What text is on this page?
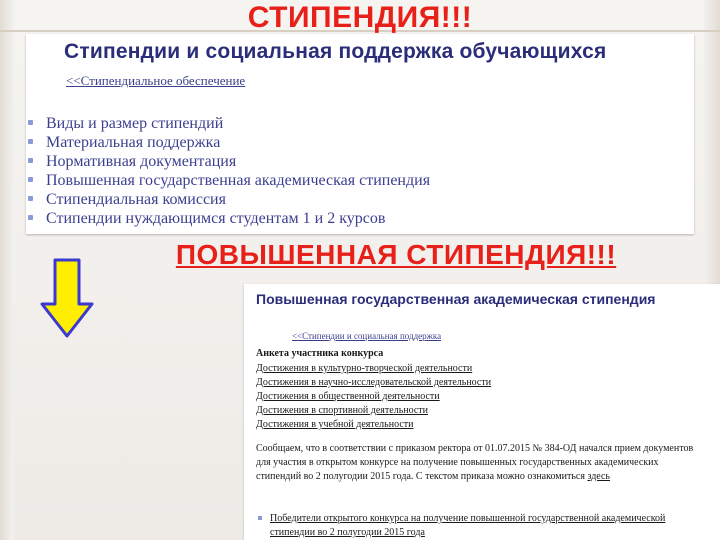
СТИПЕНДИЯ!!!
Стипендии и социальная поддержка обучающихся
<<Стипендиальное обеспечение
Виды и размер стипендий
Материальная поддержка
Нормативная документация
Повышенная государственная академическая стипендия
Стипендиальная комиссия
Стипендии нуждающимся студентам 1 и 2 курсов
ПОВЫШЕННАЯ СТИПЕНДИЯ!!!
Повышенная государственная академическая стипендия
<<Стипендии и социальная поддержка
Анкета участника конкурса
Достижения в культурно-творческой деятельности
Достижения в научно-исследовательской деятельности
Достижения в общественной деятельности
Достижения в спортивной деятельности
Достижения в учебной деятельности
Сообщаем, что в соответствии с приказом ректора от 01.07.2015 № 384-ОД начался прием документов для участия в открытом конкурсе на получение повышенных государственных академических стипендий во 2 полугодии 2015 года. С текстом приказа можно ознакомиться здесь
Победители открытого конкурса на получение повышенной государственной академической стипендии во 2 полугодии 2015 года
